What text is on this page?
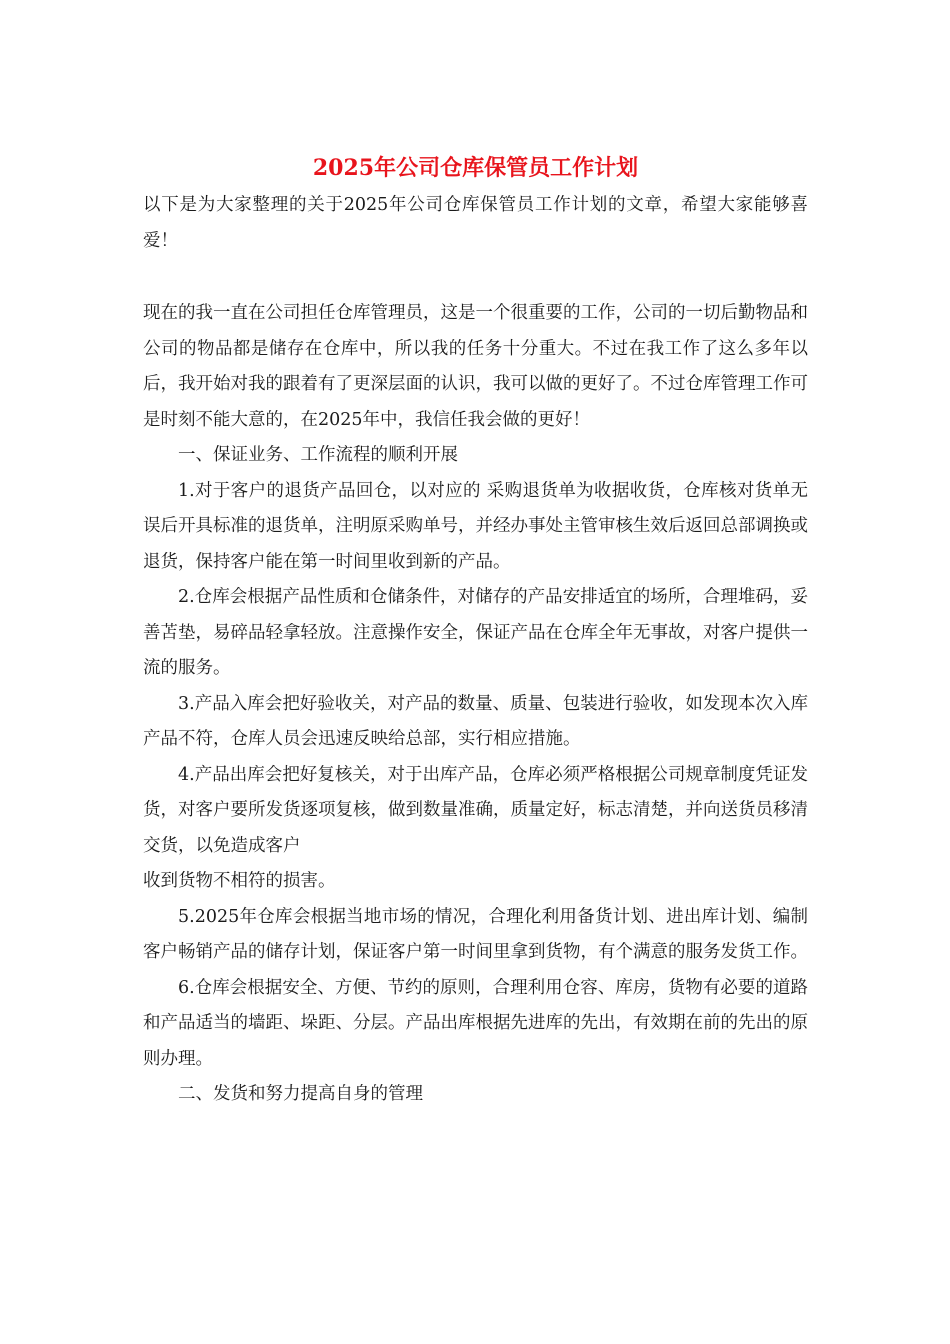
2025年公司仓库保管员工作计划

以下是为大家整理的关于2025年公司仓库保管员工作计划的文章，希望大家能够喜爱！

现在的我一直在公司担任仓库管理员，这是一个很重要的工作，公司的一切后勤物品和公司的物品都是储存在仓库中，所以我的任务十分重大。不过在我工作了这么多年以后，我开始对我的跟着有了更深层面的认识，我可以做的更好了。不过仓库管理工作可是时刻不能大意的，在2025年中，我信任我会做的更好！

一、保证业务、工作流程的顺利开展

1.对于客户的退货产品回仓，以对应的 采购退货单为收据收货，仓库核对货单无误后开具标准的退货单，注明原采购单号，并经办事处主管审核生效后返回总部调换或退货，保持客户能在第一时间里收到新的产品。

2.仓库会根据产品性质和仓储条件，对储存的产品安排适宜的场所，合理堆码，妥善苫垫，易碎品轻拿轻放。注意操作安全，保证产品在仓库全年无事故，对客户提供一流的服务。

3.产品入库会把好验收关，对产品的数量、质量、包装进行验收，如发现本次入库产品不符，仓库人员会迅速反映给总部，实行相应措施。

4.产品出库会把好复核关，对于出库产品，仓库必须严格根据公司规章制度凭证发货，对客户要所发货逐项复核，做到数量准确，质量定好，标志清楚，并向送货员移清交货，以免造成客户

收到货物不相符的损害。

5.2025年仓库会根据当地市场的情况，合理化利用备货计划、进出库计划、编制客户畅销产品的储存计划，保证客户第一时间里拿到货物，有个满意的服务发货工作。

6.仓库会根据安全、方便、节约的原则，合理利用仓容、库房，货物有必要的道路和产品适当的墙距、垛距、分层。产品出库根据先进库的先出，有效期在前的先出的原则办理。

二、发货和努力提高自身的管理
